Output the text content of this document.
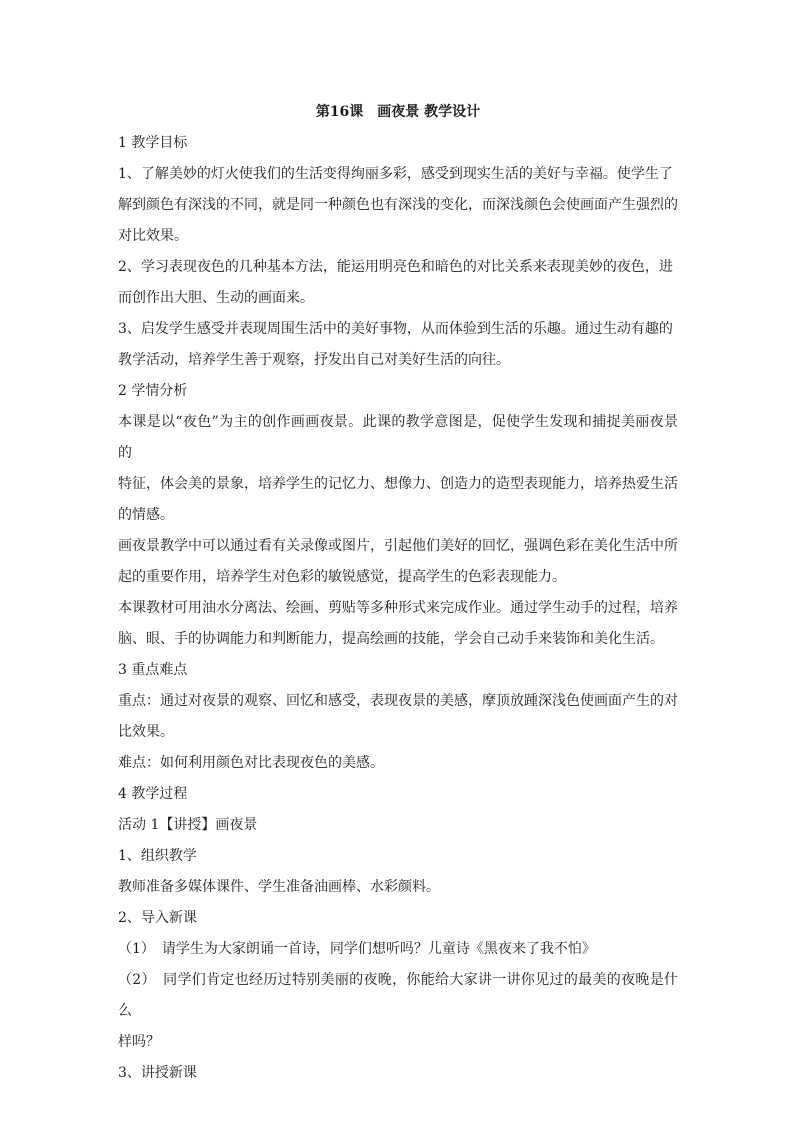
第16课　画夜景 教学设计

1 教学目标

1、了解美妙的灯火使我们的生活变得绚丽多彩，感受到现实生活的美好与幸福。使学生了

解到颜色有深浅的不同，就是同一种颜色也有深浅的变化，而深浅颜色会使画面产生强烈的

对比效果。

2、学习表现夜色的几种基本方法，能运用明亮色和暗色的对比关系来表现美妙的夜色，进

而创作出大胆、生动的画面来。

3、启发学生感受并表现周围生活中的美好事物，从而体验到生活的乐趣。通过生动有趣的

教学活动，培养学生善于观察，抒发出自己对美好生活的向往。

2 学情分析

本课是以“夜色”为主的创作画画夜景。此课的教学意图是，促使学生发现和捕捉美丽夜景的

特征，体会美的景象，培养学生的记忆力、想像力、创造力的造型表现能力，培养热爱生活

的情感。

画夜景教学中可以通过看有关录像或图片，引起他们美好的回忆，强调色彩在美化生活中所

起的重要作用，培养学生对色彩的敏锐感觉，提高学生的色彩表现能力。

本课教材可用油水分离法、绘画、剪贴等多种形式来完成作业。通过学生动手的过程，培养

脑、眼、手的协调能力和判断能力，提高绘画的技能，学会自己动手来装饰和美化生活。

3 重点难点

重点：通过对夜景的观察、回忆和感受，表现夜景的美感，摩顶放踵深浅色使画面产生的对

比效果。

难点：如何利用颜色对比表现夜色的美感。

4 教学过程

活动 1【讲授】画夜景

1、组织教学

教师准备多媒体课件、学生准备油画棒、水彩颜料。

2、导入新课

（1）　请学生为大家朗诵一首诗，同学们想听吗？儿童诗《黑夜来了我不怕》

（2）　同学们肯定也经历过特别美丽的夜晚，你能给大家讲一讲你见过的最美的夜晚是什么

样吗？

3、讲授新课
